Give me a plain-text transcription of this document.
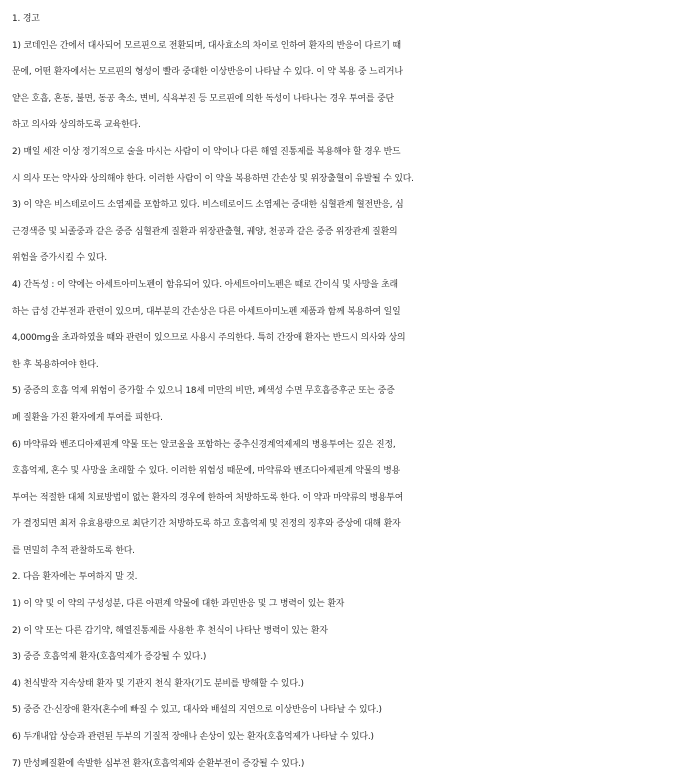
1. 경고
1) 코데인은 간에서 대사되어 모르핀으로 전환되며, 대사효소의 차이로 인하여 환자의 반응이 다르기 때
문에, 어떤 환자에서는 모르핀의 형성이 빨라 중대한 이상반응이 나타날 수 있다. 이 약 복용 중 느리거나
얕은 호흡, 혼동, 불면, 동공 축소, 변비, 식욕부진 등 모르핀에 의한 독성이 나타나는 경우 투여를 중단
하고 의사와 상의하도록 교육한다.
2) 매일 세잔 이상 정기적으로 술을 마시는 사람이 이 약이나 다른 해열 진통제를 복용해야 할 경우 반드
시 의사 또는 약사와 상의해야 한다. 이러한 사람이 이 약을 복용하면 간손상 및 위장출혈이 유발될 수 있다.
3) 이 약은 비스테로이드 소염제를 포함하고 있다. 비스테로이드 소염제는 중대한 심혈관계 혈전반응, 심
근경색증 및 뇌졸중과 같은 중증 심혈관계 질환과 위장관출혈, 궤양, 천공과 같은 중증 위장관계 질환의
위험을 증가시킬 수 있다.
4) 간독성 : 이 약에는 아세트아미노펜이 함유되어 있다. 아세트아미노펜은 때로 간이식 및 사망을 초래
하는 급성 간부전과 관련이 있으며, 대부분의 간손상은 다른 아세트아미노펜 제품과 함께 복용하여 일일
4,000mg을 초과하였을 때와 관련이 있으므로 사용시 주의한다. 특히 간장애 환자는 반드시 의사와 상의
한 후 복용하여야 한다.
5) 중증의 호흡 억제 위험이 증가할 수 있으니 18세 미만의 비만, 폐색성 수면 무호흡증후군 또는 중증
폐 질환을 가진 환자에게 투여를 피한다.
6) 마약류와 벤조디아제핀계 약물 또는 알코올을 포함하는 중추신경계억제제의 병용투여는 깊은 진정,
호흡억제, 혼수 및 사망을 초래할 수 있다. 이러한 위험성 때문에, 마약류와 벤조디아제핀계 약물의 병용
투여는 적절한 대체 치료방법이 없는 환자의 경우에 한하여 처방하도록 한다. 이 약과 마약류의 병용투여
가 결정되면 최저 유효용량으로 최단기간 처방하도록 하고 호흡억제 및 진정의 징후와 증상에 대해 환자
를 면밀히 추적 관찰하도록 한다.
2. 다음 환자에는 투여하지 말 것.
1) 이 약 및 이 약의 구성성분, 다른 아편계 약물에 대한 과민반응 및 그 병력이 있는 환자
2) 이 약 또는 다른 감기약, 해열진통제를 사용한 후 천식이 나타난 병력이 있는 환자
3) 중증 호흡억제 환자(호흡억제가 증강될 수 있다.)
4) 천식발작 지속상태 환자 및 기관지 천식 환자(기도 분비를 방해할 수 있다.)
5) 중증 간·신장애 환자(혼수에 빠질 수 있고, 대사와 배설의 지연으로 이상반응이 나타날 수 있다.)
6) 두개내압 상승과 관련된 두부의 기질적 장애나 손상이 있는 환자(호흡억제가 나타날 수 있다.)
7) 만성폐질환에 속발한 심부전 환자(호흡억제와 순환부전이 증강될 수 있다.)
